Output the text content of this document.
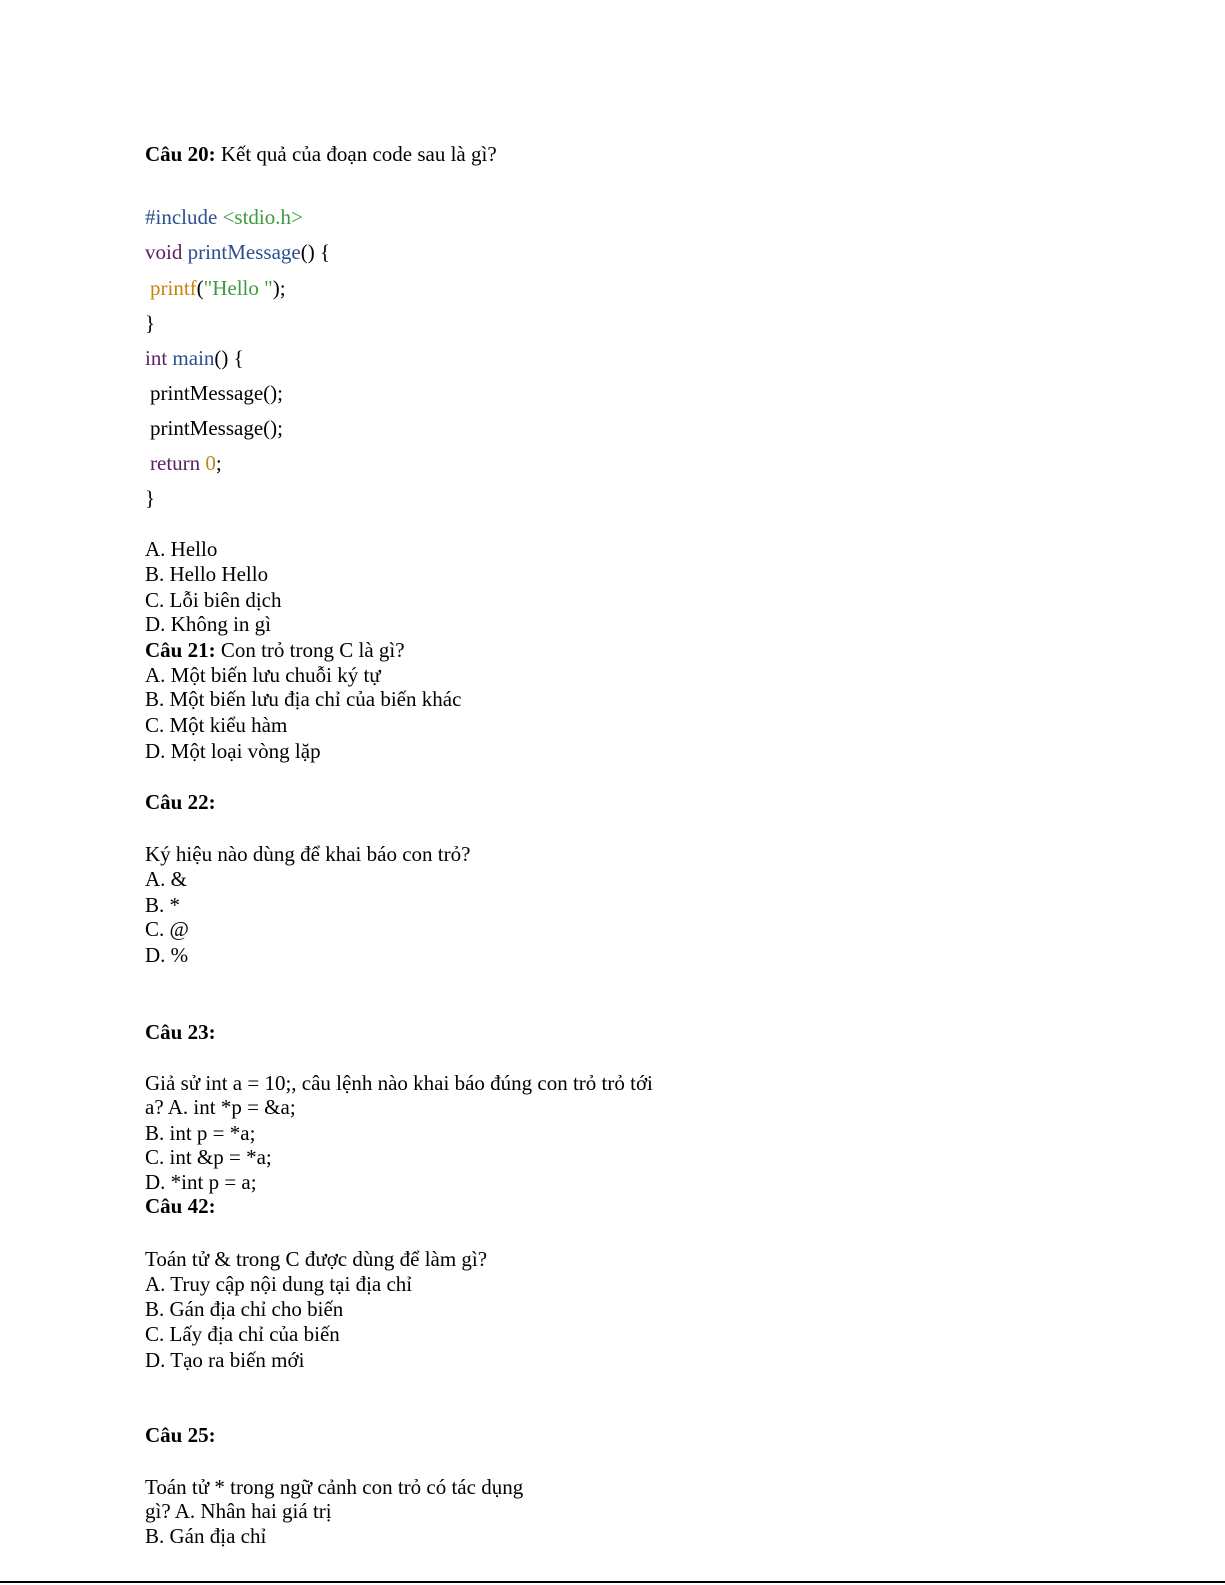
Câu 20: Kết quả của đoạn code sau là gì?
#include <stdio.h>
void printMessage() {
printf("Hello ");
}
int main() {
printMessage();
printMessage();
return 0;
}
A. Hello
B. Hello Hello
C. Lỗi biên dịch
D. Không in gì
Câu 21: Con trỏ trong C là gì?
A. Một biến lưu chuỗi ký tự
B. Một biến lưu địa chỉ của biến khác
C. Một kiểu hàm
D. Một loại vòng lặp
Câu 22:
Ký hiệu nào dùng để khai báo con trỏ?
A. &
B. *
C. @
D. %
Câu 23:
Giả sử int a = 10;, câu lệnh nào khai báo đúng con trỏ trỏ tới
a? A. int *p = &a;
B. int p = *a;
C. int &p = *a;
D. *int p = a;
Câu 42:
Toán tử & trong C được dùng để làm gì?
A. Truy cập nội dung tại địa chỉ
B. Gán địa chỉ cho biến
C. Lấy địa chỉ của biến
D. Tạo ra biến mới
Câu 25:
Toán tử * trong ngữ cảnh con trỏ có tác dụng
gì? A. Nhân hai giá trị
B. Gán địa chỉ
